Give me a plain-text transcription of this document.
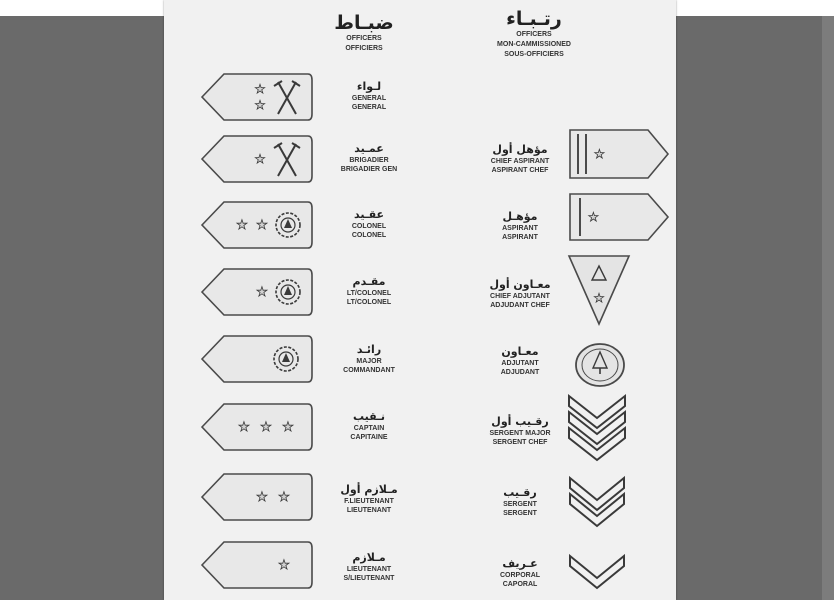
ضبـاط
OFFICERS
OFFICIERS
رتـبـاء
OFFICERS
MON-CAMMISSIONED
SOUS-OFFICIERS
لـواء
GENERAL
GENERAL
عمـيد
BRIGADIER
BRIGADIER GEN
عقـيد
COLONEL
COLONEL
مقـدم
LT/COLONEL
LT/COLONEL
رائـد
MAJOR
COMMANDANT
نـقيب
CAPTAIN
CAPITAINE
مـلازم أول
F.LIEUTENANT
LIEUTENANT
مـلازم
LIEUTENANT
S/LIEUTENANT
مؤهل أول
CHIEF ASPIRANT
ASPIRANT CHEF
مؤهـل
ASPIRANT
ASPIRANT
معـاون أول
CHIEF ADJUTANT
ADJUDANT CHEF
معـاون
ADJUTANT
ADJUDANT
رقـيب أول
SERGENT MAJOR
SERGENT CHEF
رقـيب
SERGENT
SERGENT
عـريف
CORPORAL
CAPORAL
★
★
★
★ ★
★
★ ★ ★
★ ★
★
★
★
★
